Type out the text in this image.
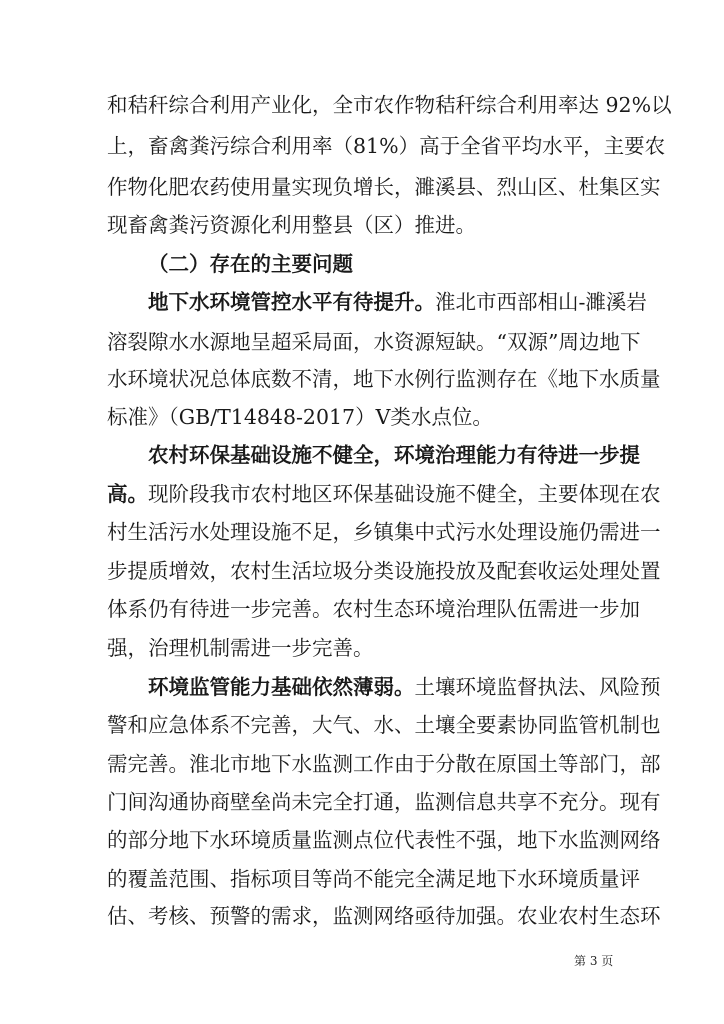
和秸秆综合利用产业化，全市农作物秸秆综合利用率达 92%以
上，畜禽粪污综合利用率（81%）高于全省平均水平，主要农
作物化肥农药使用量实现负增长，濉溪县、烈山区、杜集区实
现畜禽粪污资源化利用整县（区）推进。
（二）存在的主要问题
地下水环境管控水平有待提升。淮北市西部相山-濉溪岩
溶裂隙水水源地呈超采局面，水资源短缺。“双源”周边地下
水环境状况总体底数不清，地下水例行监测存在《地下水质量
标准》（GB/T14848-2017）V类水点位。
农村环保基础设施不健全，环境治理能力有待进一步提
高。现阶段我市农村地区环保基础设施不健全，主要体现在农
村生活污水处理设施不足，乡镇集中式污水处理设施仍需进一
步提质增效，农村生活垃圾分类设施投放及配套收运处理处置
体系仍有待进一步完善。农村生态环境治理队伍需进一步加
强，治理机制需进一步完善。
环境监管能力基础依然薄弱。土壤环境监督执法、风险预
警和应急体系不完善，大气、水、土壤全要素协同监管机制也
需完善。淮北市地下水监测工作由于分散在原国土等部门，部
门间沟通协商壁垒尚未完全打通，监测信息共享不充分。现有
的部分地下水环境质量监测点位代表性不强，地下水监测网络
的覆盖范围、指标项目等尚不能完全满足地下水环境质量评
估、考核、预警的需求，监测网络亟待加强。农业农村生态环
第 3 页
